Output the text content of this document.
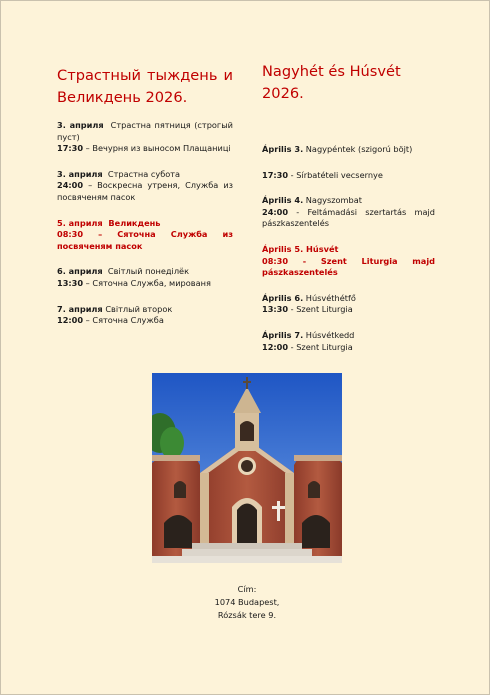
Страстный тыждень и Великдень 2026.
3. априля Страстна пятниця (строгый пуст)
17:30 – Вечурня из выносом Плащаниці
3. априля Страстна субота
24:00 – Воскресна утреня, Служба из посвяченям пасок
5. априля Великдень
08:30 – Сяточна Служба из посвяченям пасок
6. априля Світлый понеділёк
13:30 – Сяточна Служба, мированя
7. априля Світлый второк
12:00 – Сяточна Служба
Nagyhét és Húsvét 2026.
Április 3. Nagypéntek (szigorú böjt)
17:30 - Sírbatételi vecsernye
Április 4. Nagyszombat
24:00 - Feltámadási szertartás majd pászkaszentelés
Április 5. Húsvét
08:30 - Szent Liturgia majd pászkaszentelés
Április 6. Húsvéthétfő
13:30 - Szent Liturgia
Április 7. Húsvétkedd
12:00 - Szent Liturgia
Cím:
1074 Budapest,
Rózsák tere 9.
